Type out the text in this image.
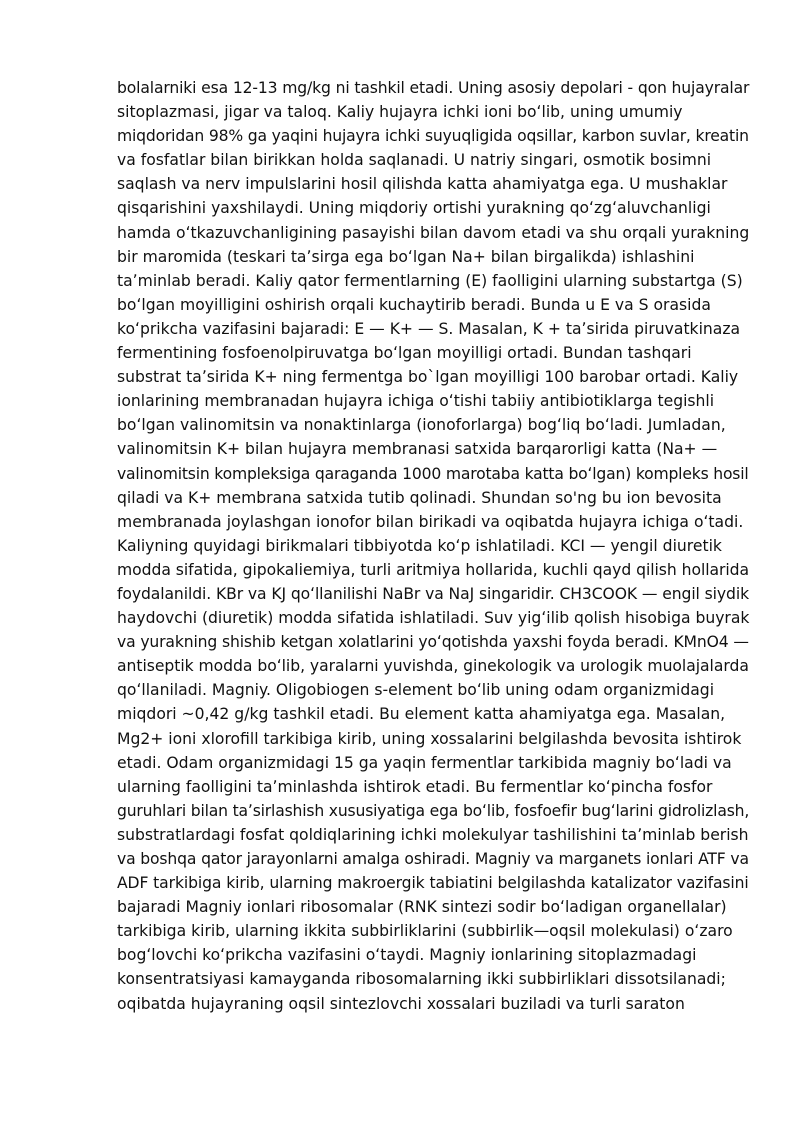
bolalarniki esa 12-13 mg/kg ni tashkil etadi. Uning asosiy depolari - qon hujayralar
sitoplazmasi, jigar va taloq. Kaliy hujayra ichki ioni boʻlib, uning umumiy
miqdoridan 98% ga yaqini hujayra ichki suyuqligida oqsillar, karbon suvlar, kreatin
va fosfatlar bilan birikkan holda saqlanadi. U natriy singari, osmotik bosimni
saqlash va nerv impulslarini hosil qilishda katta ahamiyatga ega. U mushaklar
qisqarishini yaxshilaydi. Uning miqdoriy ortishi yurakning qoʻzgʻaluvchanligi
hamda oʻtkazuvchanligining pasayishi bilan davom etadi va shu orqali yurakning
bir maromida (teskari taʼsirga ega boʻlgan Na+ bilan birgalikda) ishlashini
taʼminlab beradi. Kaliy qator fermentlarning (E) faolligini ularning substartga (S)
boʻlgan moyilligini oshirish orqali kuchaytirib beradi. Bunda u E va S orasida
koʻprikcha vazifasini bajaradi: E — K+ — S. Masalan, K + taʼsirida piruvatkinaza
fermentining fosfoenolpiruvatga boʻlgan moyilligi ortadi. Bundan tashqari
substrat taʼsirida K+ ning fermentga bo`lgan moyilligi 100 barobar ortadi. Kaliy
ionlarining membranadan hujayra ichiga oʻtishi tabiiy antibiotiklarga tegishli
boʻlgan valinomitsin va nonaktinlarga (ionoforlarga) bogʻliq boʻladi. Jumladan,
valinomitsin K+ bilan hujayra membranasi satxida barqarorligi katta (Na+ —
valinomitsin kompleksiga qaraganda 1000 marotaba katta boʻlgan) kompleks hosil
qiladi va K+ membrana satxida tutib qolinadi. Shundan so'ng bu ion bevosita
membranada joylashgan ionofor bilan birikadi va oqibatda hujayra ichiga oʻtadi.
Kaliyning quyidagi birikmalari tibbiyotda koʻp ishlatiladi. KCI — yengil diuretik
modda sifatida, gipokaliemiya, turli aritmiya hollarida, kuchli qayd qilish hollarida
foydalanildi. KBr va KJ qoʻllanilishi NaBr va NaJ singaridir. CH3COOK — engil siydik
haydovchi (diuretik) modda sifatida ishlatiladi. Suv yigʻilib qolish hisobiga buyrak
va yurakning shishib ketgan xolatlarini yoʻqotishda yaxshi foyda beradi. KMnO4 —
antiseptik modda boʻlib, yaralarni yuvishda, ginekologik va urologik muolajalarda
qoʻllaniladi. Magniy. Oligobiogen s-element boʻlib uning odam organizmidagi
miqdori ~0,42 g/kg tashkil etadi. Bu element katta ahamiyatga ega. Masalan,
Mg2+ ioni xlorofill tarkibiga kirib, uning xossalarini belgilashda bevosita ishtirok
etadi. Odam organizmidagi 15 ga yaqin fermentlar tarkibida magniy boʻladi va
ularning faolligini taʼminlashda ishtirok etadi. Bu fermentlar koʻpincha fosfor
guruhlari bilan taʼsirlashish xususiyatiga ega boʻlib, fosfoefir bugʻlarini gidrolizlash,
substratlardagi fosfat qoldiqlarining ichki molekulyar tashilishini taʼminlab berish
va boshqa qator jarayonlarni amalga oshiradi. Magniy va marganets ionlari ATF va
ADF tarkibiga kirib, ularning makroergik tabiatini belgilashda katalizator vazifasini
bajaradi Magniy ionlari ribosomalar (RNK sintezi sodir boʻladigan organellalar)
tarkibiga kirib, ularning ikkita subbirliklarini (subbirlik—oqsil molekulasi) oʻzaro
bogʻlovchi koʻprikcha vazifasini oʻtaydi. Magniy ionlarining sitoplazmadagi
konsentratsiyasi kamayganda ribosomalarning ikki subbirliklari dissotsilanadi;
oqibatda hujayraning oqsil sintezlovchi xossalari buziladi va turli saraton
